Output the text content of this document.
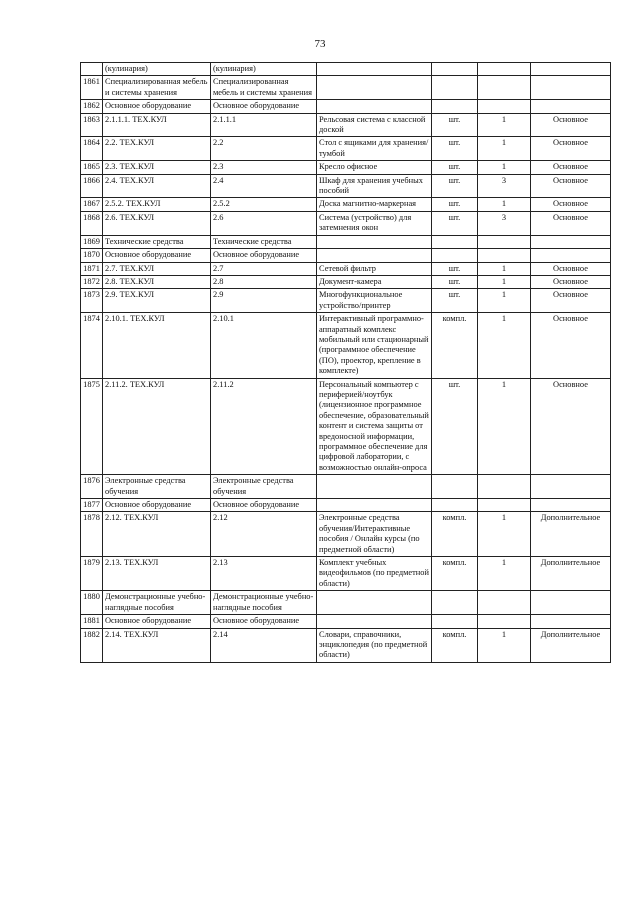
73
	(кулинария)	(кулинария)				
1861	Специализированная мебель и системы хранения	Специализированная мебель и системы хранения				
1862	Основное оборудование	Основное оборудование				
1863	2.1.1.1. ТЕХ.КУЛ	2.1.1.1	Рельсовая система с классной доской	шт.	1	Основное
1864	2.2. ТЕХ.КУЛ	2.2	Стол с ящиками для хранения/тумбой	шт.	1	Основное
1865	2.3. ТЕХ.КУЛ	2.3	Кресло офисное	шт.	1	Основное
1866	2.4. ТЕХ.КУЛ	2.4	Шкаф для хранения учебных пособий	шт.	3	Основное
1867	2.5.2. ТЕХ.КУЛ	2.5.2	Доска магнитно-маркерная	шт.	1	Основное
1868	2.6. ТЕХ.КУЛ	2.6	Система (устройство) для затемнения окон	шт.	3	Основное
1869	Технические средства	Технические средства				
1870	Основное оборудование	Основное оборудование				
1871	2.7. ТЕХ.КУЛ	2.7	Сетевой фильтр	шт.	1	Основное
1872	2.8. ТЕХ.КУЛ	2.8	Документ-камера	шт.	1	Основное
1873	2.9. ТЕХ.КУЛ	2.9	Многофункциональное устройство/принтер	шт.	1	Основное
1874	2.10.1. ТЕХ.КУЛ	2.10.1	Интерактивный программно-аппаратный комплекс мобильный или стационарный (программное обеспечение (ПО), проектор, крепление в комплекте)	компл.	1	Основное
1875	2.11.2. ТЕХ.КУЛ	2.11.2	Персональный компьютер с периферией/ноутбук (лицензионное программное обеспечение, образовательный контент и система защиты от вредоносной информации, программное обеспечение для цифровой лаборатории, с возможностью онлайн-опроса	шт.	1	Основное
1876	Электронные средства обучения	Электронные средства обучения				
1877	Основное оборудование	Основное оборудование				
1878	2.12. ТЕХ.КУЛ	2.12	Электронные средства обучения/Интерактивные пособия / Онлайн курсы (по предметной области)	компл.	1	Дополнительное
1879	2.13. ТЕХ.КУЛ	2.13	Комплект учебных видеофильмов (по предметной области)	компл.	1	Дополнительное
1880	Демонстрационные учебно-наглядные пособия	Демонстрационные учебно-наглядные пособия				
1881	Основное оборудование	Основное оборудование				
1882	2.14. ТЕХ.КУЛ	2.14	Словари, справочники, энциклопедия (по предметной области)	компл.	1	Дополнительное
